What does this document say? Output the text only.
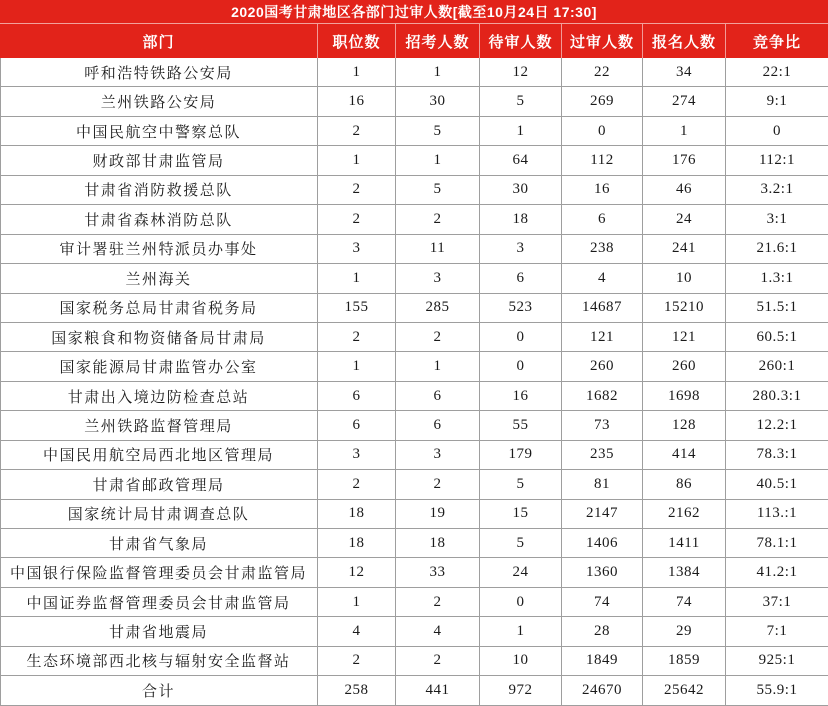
2020国考甘肃地区各部门过审人数[截至10月24日 17:30]
部门	职位数	招考人数	待审人数	过审人数	报名人数	竞争比
呼和浩特铁路公安局	1	1	12	22	34	22:1
兰州铁路公安局	16	30	5	269	274	9:1
中国民航空中警察总队	2	5	1	0	1	0
财政部甘肃监管局	1	1	64	112	176	112:1
甘肃省消防救援总队	2	5	30	16	46	3.2:1
甘肃省森林消防总队	2	2	18	6	24	3:1
审计署驻兰州特派员办事处	3	11	3	238	241	21.6:1
兰州海关	1	3	6	4	10	1.3:1
国家税务总局甘肃省税务局	155	285	523	14687	15210	51.5:1
国家粮食和物资储备局甘肃局	2	2	0	121	121	60.5:1
国家能源局甘肃监管办公室	1	1	0	260	260	260:1
甘肃出入境边防检查总站	6	6	16	1682	1698	280.3:1
兰州铁路监督管理局	6	6	55	73	128	12.2:1
中国民用航空局西北地区管理局	3	3	179	235	414	78.3:1
甘肃省邮政管理局	2	2	5	81	86	40.5:1
国家统计局甘肃调查总队	18	19	15	2147	2162	113.:1
甘肃省气象局	18	18	5	1406	1411	78.1:1
中国银行保险监督管理委员会甘肃监管局	12	33	24	1360	1384	41.2:1
中国证券监督管理委员会甘肃监管局	1	2	0	74	74	37:1
甘肃省地震局	4	4	1	28	29	7:1
生态环境部西北核与辐射安全监督站	2	2	10	1849	1859	925:1
合计	258	441	972	24670	25642	55.9:1
